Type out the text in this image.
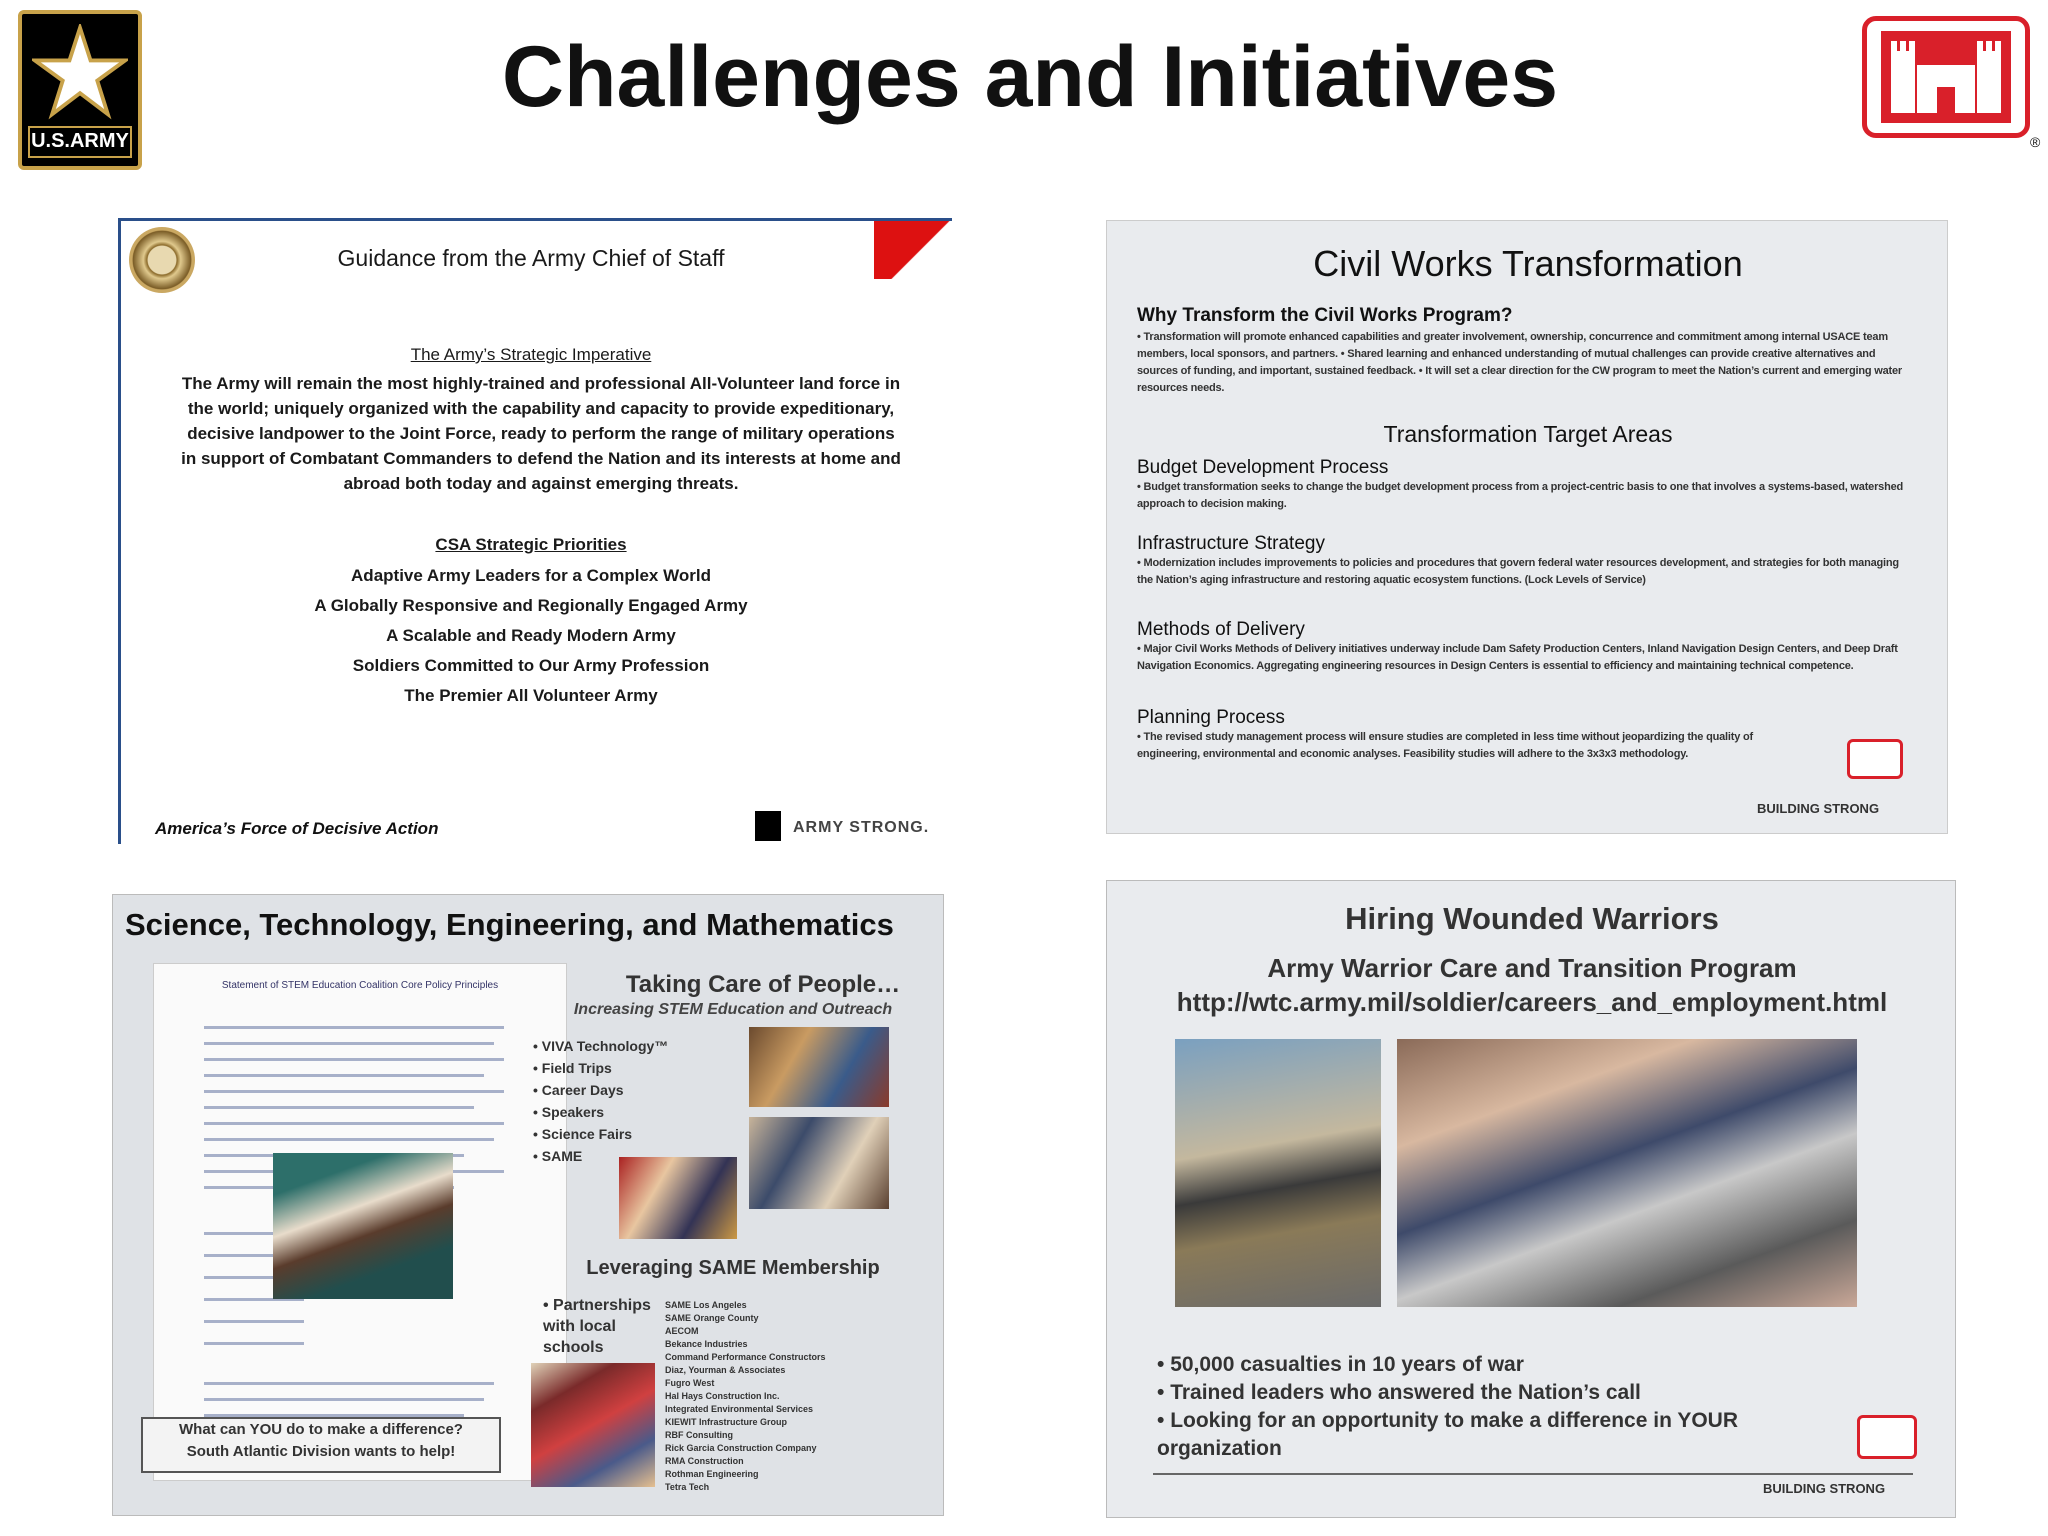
U.S.ARMY
Challenges and Initiatives
®
Guidance from the Army Chief of Staff
The Army’s Strategic Imperative
The Army will remain the most highly-trained and professional All-Volunteer land force in the world; uniquely organized with the capability and capacity to provide expeditionary, decisive landpower to the Joint Force, ready to perform the range of military operations in support of Combatant Commanders to defend the Nation and its interests at home and abroad both today and against emerging threats.
CSA Strategic Priorities
Adaptive Army Leaders for a Complex World
A Globally Responsive and Regionally Engaged Army
A Scalable and Ready Modern Army
Soldiers Committed to Our Army Profession
The Premier All Volunteer Army
America’s Force of Decisive Action	ARMY STRONG.
Civil Works Transformation
Why Transform the Civil Works Program?
• Transformation will promote enhanced capabilities and greater involvement, ownership, concurrence and commitment among internal USACE team members, local sponsors, and partners. • Shared learning and enhanced understanding of mutual challenges can provide creative alternatives and sources of funding, and important, sustained feedback. • It will set a clear direction for the CW program to meet the Nation’s current and emerging water resources needs.
Transformation Target Areas
Budget Development Process
• Budget transformation seeks to change the budget development process from a project-centric basis to one that involves a systems-based, watershed approach to decision making.
Infrastructure Strategy
• Modernization includes improvements to policies and procedures that govern federal water resources development, and strategies for both managing the Nation’s aging infrastructure and restoring aquatic ecosystem functions. (Lock Levels of Service)
Methods of Delivery
• Major Civil Works Methods of Delivery initiatives underway include Dam Safety Production Centers, Inland Navigation Design Centers, and Deep Draft Navigation Economics. Aggregating engineering resources in Design Centers is essential to efficiency and maintaining technical competence.
Planning Process
• The revised study management process will ensure studies are completed in less time without jeopardizing the quality of engineering, environmental and economic analyses. Feasibility studies will adhere to the 3x3x3 methodology.
BUILDING STRONG
Science, Technology, Engineering, and Mathematics
Statement of STEM Education Coalition Core Policy Principles	Taking Care of People…
Increasing STEM Education and Outreach
• VIVA Technology™
• Field Trips
• Career Days
• Speakers
• Science Fairs
• SAME
Leveraging SAME Membership
• Partnerships with local schools
SAME Los Angeles
SAME Orange County
AECOM
Bekance Industries
Command Performance Constructors
Diaz, Yourman & Associates
Fugro West
Hal Hays Construction Inc.
Integrated Environmental Services
KIEWIT Infrastructure Group
RBF Consulting
Rick Garcia Construction Company
RMA Construction
Rothman Engineering
Tetra Tech
What can YOU do to make a difference?
South Atlantic Division wants to help!
Hiring Wounded Warriors
Army Warrior Care and Transition Program
http://wtc.army.mil/soldier/careers_and_employment.html
• 50,000 casualties in 10 years of war
• Trained leaders who answered the Nation’s call
• Looking for an opportunity to make a difference in YOUR organization
BUILDING STRONG
